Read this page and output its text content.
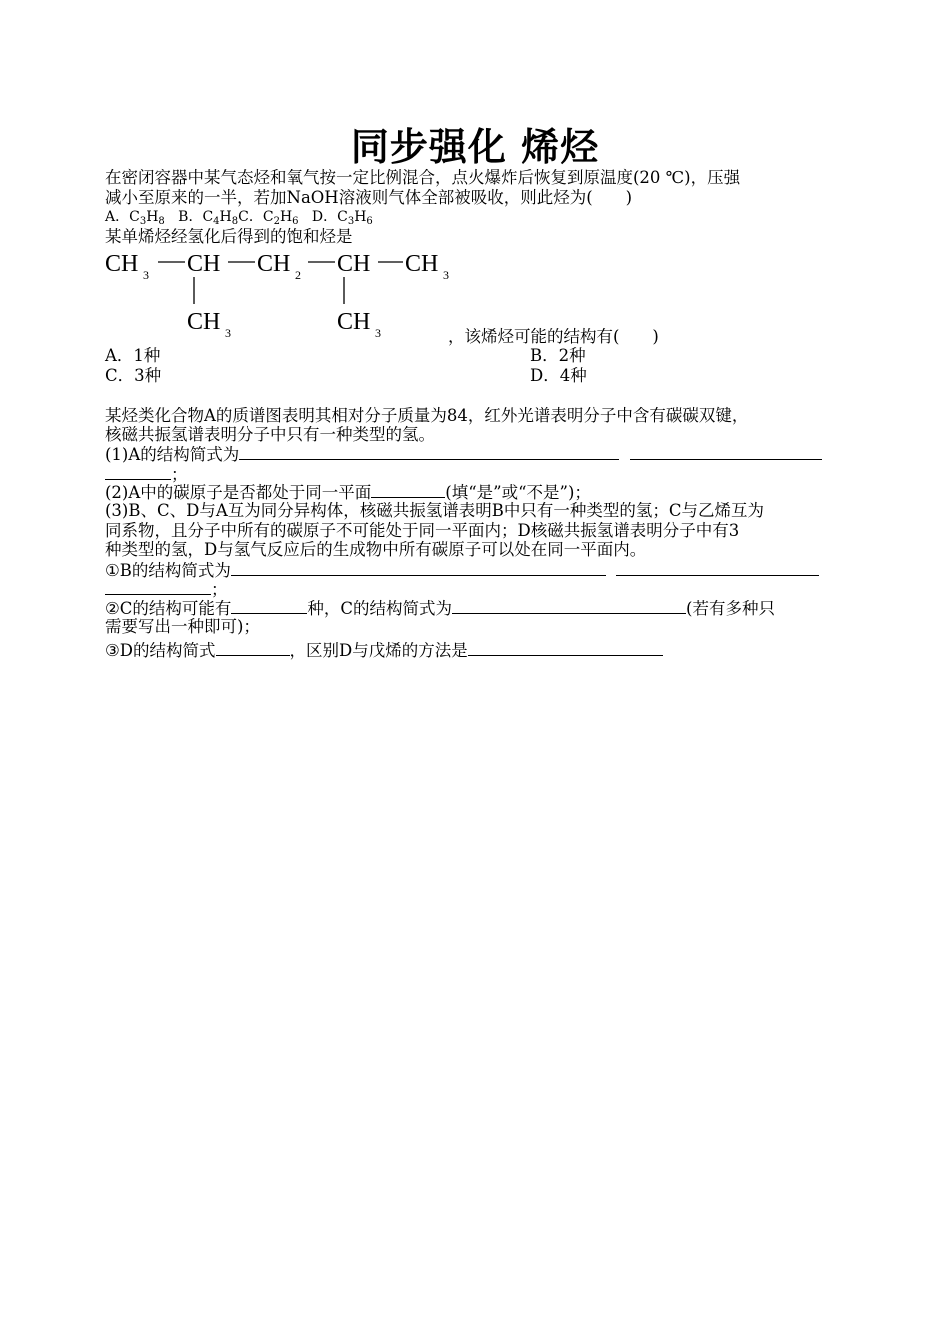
同步强化 烯烃
在密闭容器中某气态烃和氧气按一定比例混合，点火爆炸后恢复到原温度(20 ℃)，压强
减小至原来的一半，若加NaOH溶液则气体全部被吸收，则此烃为(　　)
A．$C_3H_8$ B．$C_4H_8C$．$C_2H_6$ D．$C_3H_6$
某单烯烃经氢化后得到的饱和烃是
CH 3 CH CH 2 CH CH 3
CH 3	CH 3	，该烯烃可能的结构有(　　)
A．1种	B．2种
C．3种	D．4种
某烃类化合物A的质谱图表明其相对分子质量为84，红外光谱表明分子中含有碳碳双键，
核磁共振氢谱表明分子中只有一种类型的氢。
(1)A的结构简式为
；
(2)A中的碳原子是否都处于同一平面	(填“是”或“不是”)；
(3)B、C、D与A互为同分异构体，核磁共振氢谱表明B中只有一种类型的氢；C与乙烯互为
同系物，且分子中所有的碳原子不可能处于同一平面内；D核磁共振氢谱表明分子中有3
种类型的氢，D与氢气反应后的生成物中所有碳原子可以处在同一平面内。
①B的结构简式为
；
②C的结构可能有	种，C的结构简式为	(若有多种只
需要写出一种即可)；
③D的结构简式	，区别D与戊烯的方法是
